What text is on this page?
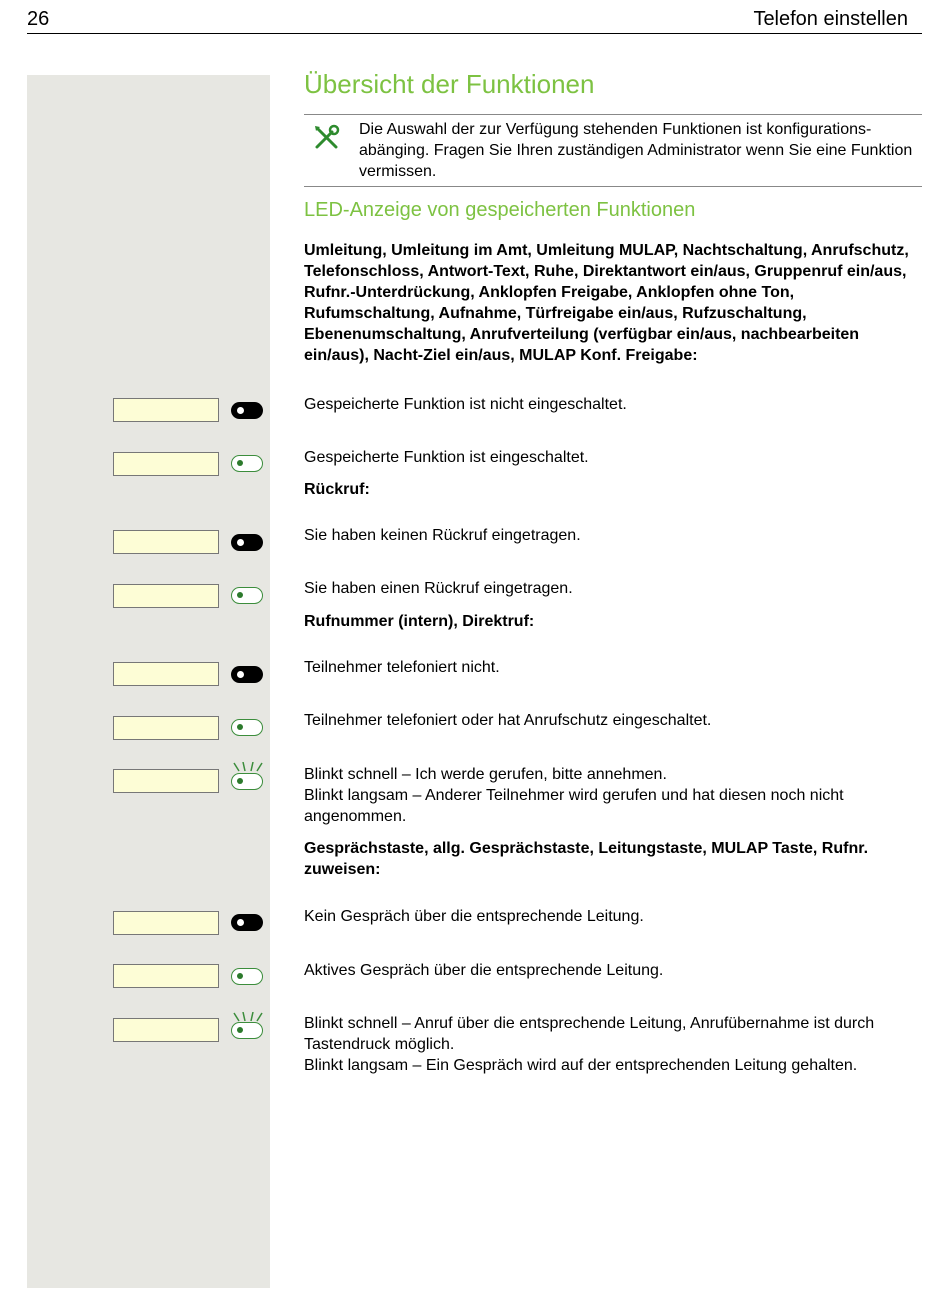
26	Telefon einstellen
Übersicht der Funktionen
Die Auswahl der zur Verfügung stehenden Funktionen ist konfigurations-abänging. Fragen Sie Ihren zuständigen Administrator wenn Sie eine Funktion vermissen.
LED-Anzeige von gespeicherten Funktionen
Umleitung, Umleitung im Amt, Umleitung MULAP, Nachtschaltung, Anrufschutz, Telefonschloss, Antwort-Text, Ruhe, Direktantwort ein/aus, Gruppenruf ein/aus, Rufnr.-Unterdrückung, Anklopfen Freigabe, Anklopfen ohne Ton, Rufumschaltung, Aufnahme, Türfreigabe ein/aus, Rufzuschaltung, Ebenenumschaltung, Anrufverteilung (verfügbar ein/aus, nachbearbeiten ein/aus), Nacht-Ziel ein/aus, MULAP Konf. Freigabe:
Gespeicherte Funktion ist nicht eingeschaltet.
Gespeicherte Funktion ist eingeschaltet.
Rückruf:
Sie haben keinen Rückruf eingetragen.
Sie haben einen Rückruf eingetragen.
Rufnummer (intern), Direktruf:
Teilnehmer telefoniert nicht.
Teilnehmer telefoniert oder hat Anrufschutz eingeschaltet.
Blinkt schnell – Ich werde gerufen, bitte annehmen.
Blinkt langsam – Anderer Teilnehmer wird gerufen und hat diesen noch nicht angenommen.
Gesprächstaste, allg. Gesprächstaste, Leitungstaste, MULAP Taste, Rufnr. zuweisen:
Kein Gespräch über die entsprechende Leitung.
Aktives Gespräch über die entsprechende Leitung.
Blinkt schnell – Anruf über die entsprechende Leitung, Anrufübernahme ist durch Tastendruck möglich.
Blinkt langsam – Ein Gespräch wird auf der entsprechenden Leitung gehalten.
